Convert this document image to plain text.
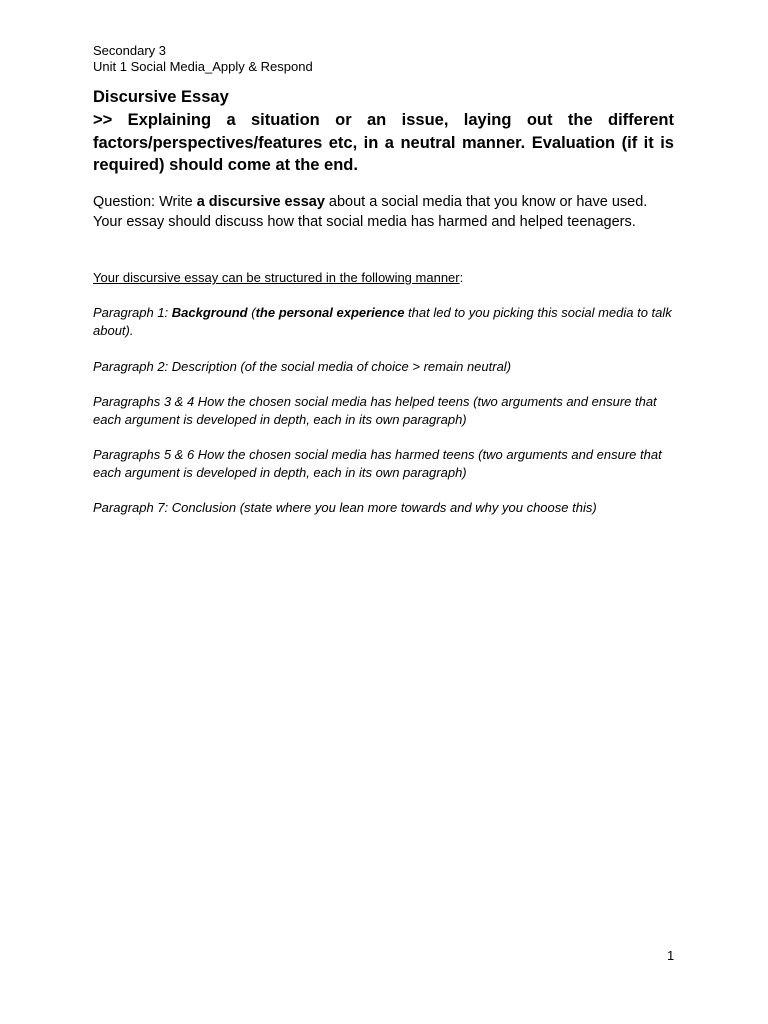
Secondary 3
Unit 1 Social Media_Apply & Respond
Discursive Essay
>> Explaining a situation or an issue, laying out the different factors/perspectives/features etc, in a neutral manner. Evaluation (if it is required) should come at the end.
Question: Write a discursive essay about a social media that you know or have used. Your essay should discuss how that social media has harmed and helped teenagers.
Your discursive essay can be structured in the following manner:
Paragraph 1: Background (the personal experience that led to you picking this social media to talk about).
Paragraph 2: Description (of the social media of choice > remain neutral)
Paragraphs 3 & 4 How the chosen social media has helped teens (two arguments and ensure that each argument is developed in depth, each in its own paragraph)
Paragraphs 5 & 6 How the chosen social media has harmed teens (two arguments and ensure that each argument is developed in depth, each in its own paragraph)
Paragraph 7: Conclusion (state where you lean more towards and why you choose this)
1
